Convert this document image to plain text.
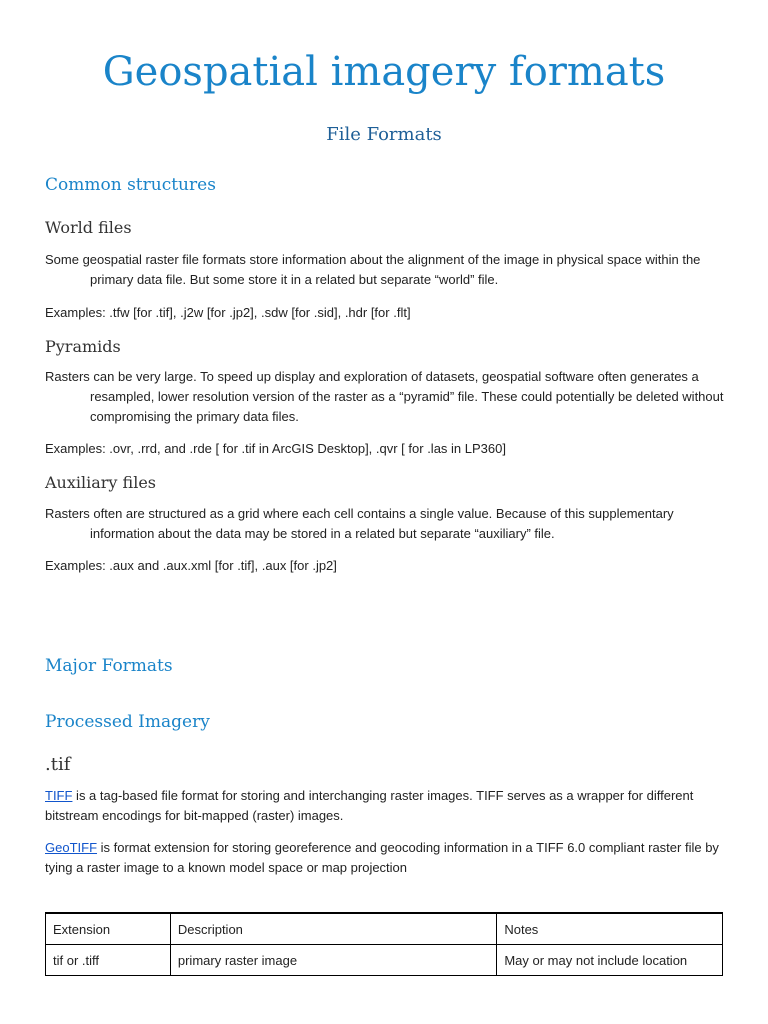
Geospatial imagery formats
File Formats
Common structures
World files

Some geospatial raster file formats store information about the alignment of the image in physical space within the primary data file. But some store it in a related but separate “world” file.

Examples: .tfw [for .tif], .j2w [for .jp2], .sdw [for .sid], .hdr [for .flt]

Pyramids

Rasters can be very large. To speed up display and exploration of datasets, geospatial software often generates a resampled, lower resolution version of the raster as a “pyramid” file. These could potentially be deleted without compromising the primary data files.

Examples: .ovr, .rrd, and .rde [ for .tif in ArcGIS Desktop], .qvr [ for .las in LP360]

Auxiliary files

Rasters often are structured as a grid where each cell contains a single value. Because of this supplementary information about the data may be stored in a related but separate “auxiliary” file.

Examples: .aux and .aux.xml [for .tif], .aux [for .jp2]

Major Formats
Processed Imagery
.tif

TIFF is a tag-based file format for storing and interchanging raster images. TIFF serves as a wrapper for different bitstream encodings for bit-mapped (raster) images.

GeoTIFF is format extension for storing georeference and geocoding information in a TIFF 6.0 compliant raster file by tying a raster image to a known model space or map projection

Extension	Description	Notes
tif or .tiff	primary raster image	May or may not include location
